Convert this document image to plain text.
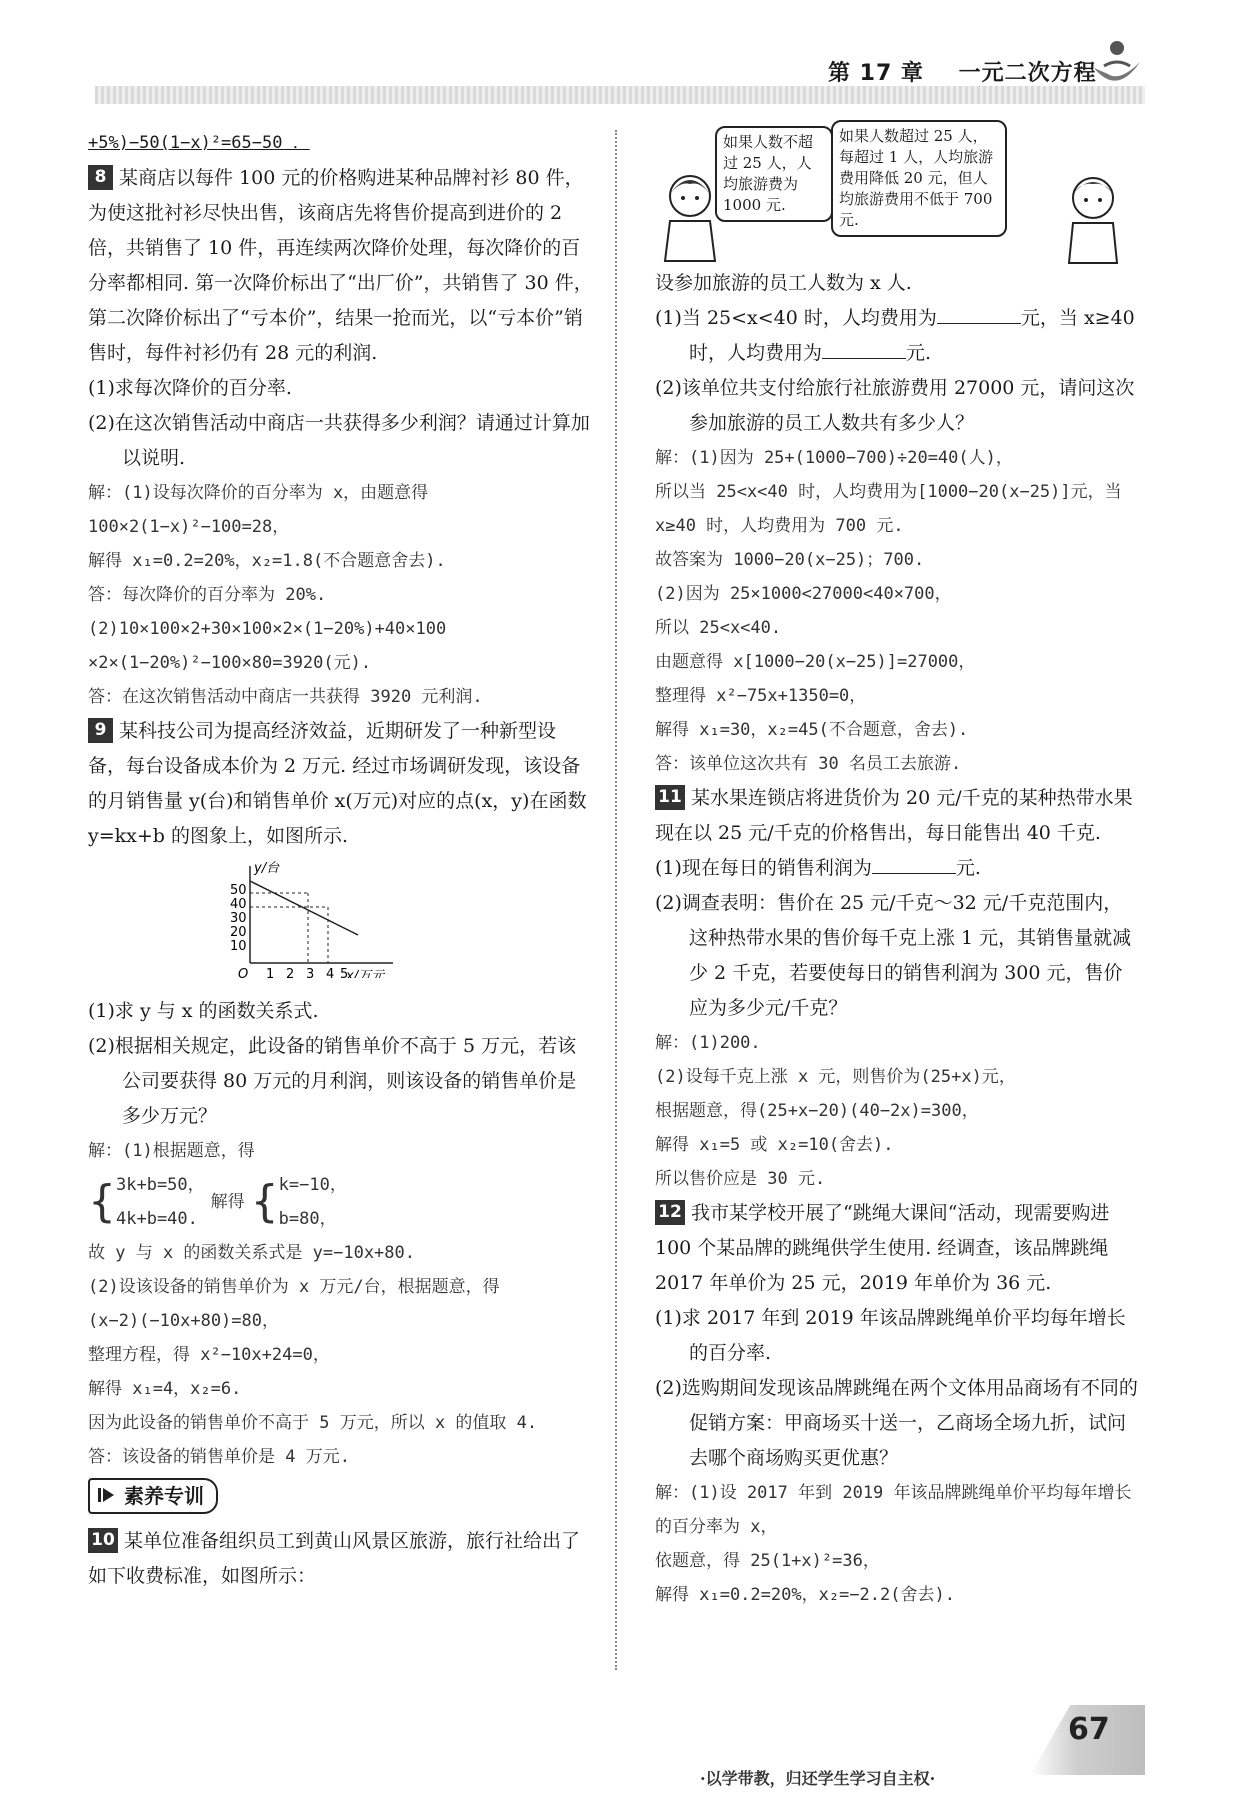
第 17 章 一元二次方程

+5%)−50(1−x)²=65−50 ．

8 某商店以每件 100 元的价格购进某种品牌衬衫 80 件，为使这批衬衫尽快出售，该商店先将售价提高到进价的 2 倍，共销售了 10 件，再连续两次降价处理，每次降价的百分率都相同. 第一次降价标出了“出厂价”，共销售了 30 件，第二次降价标出了“亏本价”，结果一抢而光，以“亏本价”销售时，每件衬衫仍有 28 元的利润.

(1)求每次降价的百分率.

(2)在这次销售活动中商店一共获得多少利润？请通过计算加以说明.

解：(1)设每次降价的百分率为 x，由题意得

100×2(1−x)²−100=28，

解得 x₁=0.2=20%，x₂=1.8(不合题意舍去).

答：每次降价的百分率为 20%.

(2)10×100×2+30×100×2×(1−20%)+40×100

×2×(1−20%)²−100×80=3920(元).

答：在这次销售活动中商店一共获得 3920 元利润.

9 某科技公司为提高经济效益，近期研发了一种新型设备，每台设备成本价为 2 万元. 经过市场调研发现，该设备的月销售量 y(台)和销售单价 x(万元)对应的点(x，y)在函数 y=kx+b 的图象上，如图所示.

y/台
x/万元
O
50
40
30
20
10
1 2 3 4 5

(1)求 y 与 x 的函数关系式.

(2)根据相关规定，此设备的销售单价不高于 5 万元，若该公司要获得 80 万元的月利润，则该设备的销售单价是多少万元？

解：(1)根据题意，得

{ 3k+b=50，
4k+b=40.
解得 { k=−10，
b=80，

故 y 与 x 的函数关系式是 y=−10x+80.

(2)设该设备的销售单价为 x 万元/台，根据题意，得

(x−2)(−10x+80)=80，

整理方程，得 x²−10x+24=0，

解得 x₁=4，x₂=6.

因为此设备的销售单价不高于 5 万元，所以 x 的值取 4.

答：该设备的销售单价是 4 万元.

素养专训

10 某单位准备组织员工到黄山风景区旅游，旅行社给出了如下收费标准，如图所示：

如果人数不超过 25 人，人均旅游费为 1000 元.
如果人数超过 25 人，每超过 1 人，人均旅游费用降低 20 元，但人均旅游费用不低于 700 元.

设参加旅游的员工人数为 x 人.

(1)当 25<x<40 时，人均费用为	元，当 x≥40 时，人均费用为	元.

(2)该单位共支付给旅行社旅游费用 27000 元，请问这次参加旅游的员工人数共有多少人？

解：(1)因为 25+(1000−700)÷20=40(人)，

所以当 25<x<40 时，人均费用为[1000−20(x−25)]元，当 x≥40 时，人均费用为 700 元.

故答案为 1000−20(x−25)；700.

(2)因为 25×1000<27000<40×700，

所以 25<x<40.

由题意得 x[1000−20(x−25)]=27000，

整理得 x²−75x+1350=0，

解得 x₁=30，x₂=45(不合题意，舍去).

答：该单位这次共有 30 名员工去旅游.

11 某水果连锁店将进货价为 20 元/千克的某种热带水果现在以 25 元/千克的价格售出，每日能售出 40 千克.

(1)现在每日的销售利润为	元.

(2)调查表明：售价在 25 元/千克～32 元/千克范围内，这种热带水果的售价每千克上涨 1 元，其销售量就减少 2 千克，若要使每日的销售利润为 300 元，售价应为多少元/千克？

解：(1)200.

(2)设每千克上涨 x 元，则售价为(25+x)元，

根据题意，得(25+x−20)(40−2x)=300，

解得 x₁=5 或 x₂=10(舍去).

所以售价应是 30 元.

12 我市某学校开展了“跳绳大课间“活动，现需要购进 100 个某品牌的跳绳供学生使用. 经调查，该品牌跳绳 2017 年单价为 25 元，2019 年单价为 36 元.

(1)求 2017 年到 2019 年该品牌跳绳单价平均每年增长的百分率.

(2)选购期间发现该品牌跳绳在两个文体用品商场有不同的促销方案：甲商场买十送一，乙商场全场九折，试问去哪个商场购买更优惠？

解：(1)设 2017 年到 2019 年该品牌跳绳单价平均每年增长的百分率为 x，

依题意，得 25(1+x)²=36，

解得 x₁=0.2=20%，x₂=−2.2(舍去).

·以学带教，归还学生学习自主权·
67
